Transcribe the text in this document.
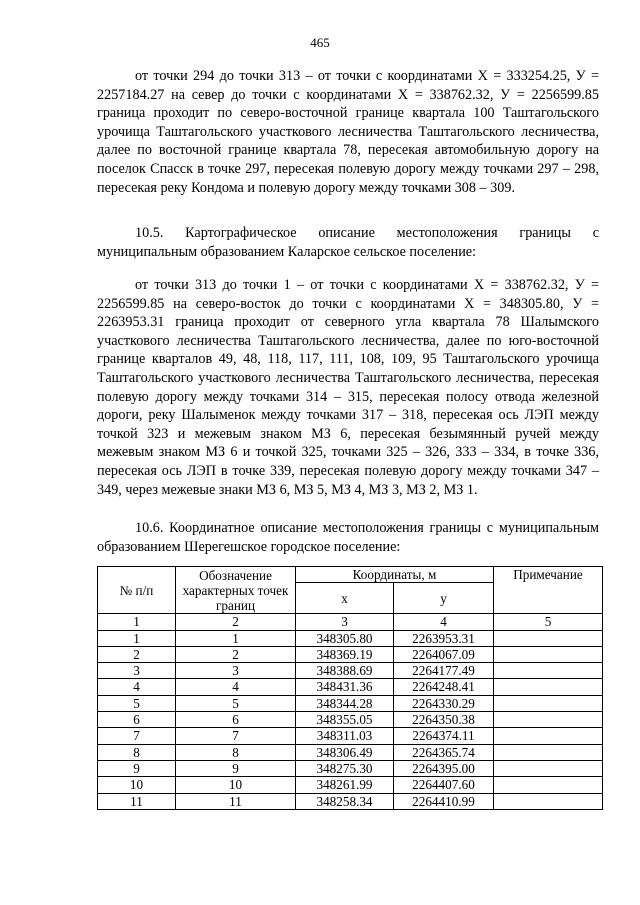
465

от точки 294 до точки 313 – от точки с координатами Х = 333254.25, У = 2257184.27 на север до точки с координатами Х = 338762.32, У = 2256599.85 граница проходит по северо-восточной границе квартала 100 Таштагольского урочища Таштагольского участкового лесничества Таштагольского лесничества, далее по восточной границе квартала 78, пересекая автомобильную дорогу на поселок Спасск в точке 297, пересекая полевую дорогу между точками 297 – 298, пересекая реку Кондома и полевую дорогу между точками 308 – 309.

10.5. Картографическое описание местоположения границы с муниципальным образованием Каларское сельское поселение:

от точки 313 до точки 1 – от точки с координатами Х = 338762.32, У = 2256599.85 на северо-восток до точки с координатами Х = 348305.80, У = 2263953.31 граница проходит от северного угла квартала 78 Шалымского участкового лесничества Таштагольского лесничества, далее по юго-восточной границе кварталов 49, 48, 118, 117, 111, 108, 109, 95 Таштагольского урочища Таштагольского участкового лесничества Таштагольского лесничества, пересекая полевую дорогу между точками 314 – 315, пересекая полосу отвода железной дороги, реку Шалыменок между точками 317 – 318, пересекая ось ЛЭП между точкой 323 и межевым знаком МЗ 6, пересекая безымянный ручей между межевым знаком МЗ 6 и точкой 325, точками 325 – 326, 333 – 334, в точке 336, пересекая ось ЛЭП в точке 339, пересекая полевую дорогу между точками 347 – 349, через межевые знаки МЗ 6, МЗ 5, МЗ 4, МЗ 3, МЗ 2, МЗ 1.

10.6. Координатное описание местоположения границы с муниципальным образованием Шерегешское городское поселение:

№ п/п	Обозначение характерных точек границ	Координаты, м		Примечание
		x	y	
1	2	3	4	5
1	1	348305.80	2263953.31	
2	2	348369.19	2264067.09	
3	3	348388.69	2264177.49	
4	4	348431.36	2264248.41	
5	5	348344.28	2264330.29	
6	6	348355.05	2264350.38	
7	7	348311.03	2264374.11	
8	8	348306.49	2264365.74	
9	9	348275.30	2264395.00	
10	10	348261.99	2264407.60	
11	11	348258.34	2264410.99	
